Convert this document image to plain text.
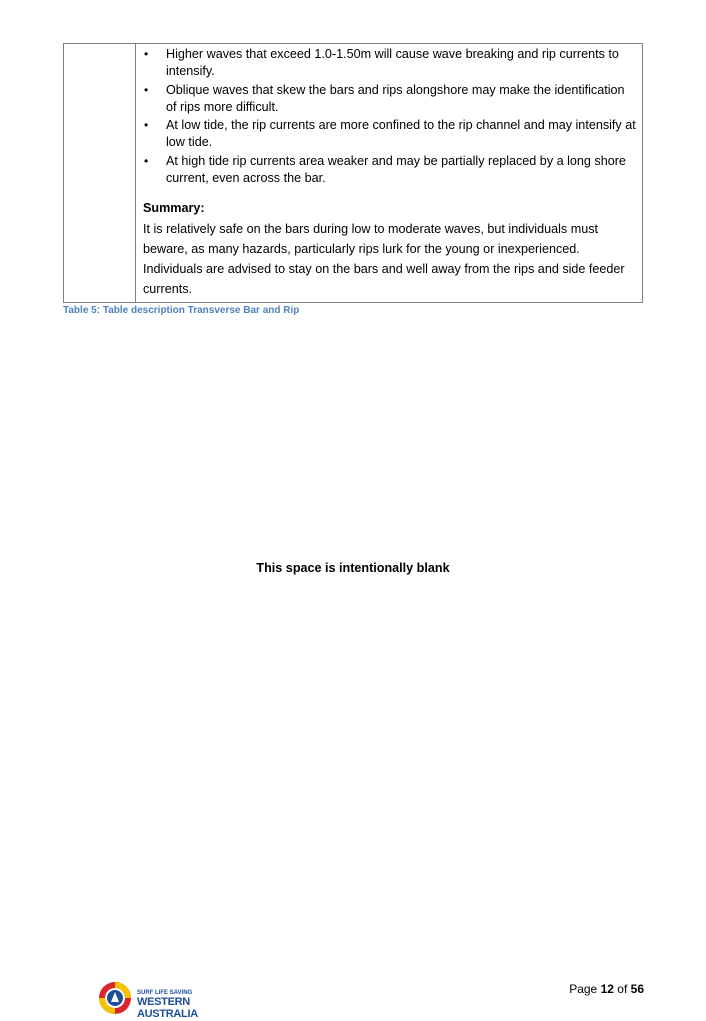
• Higher waves that exceed 1.0-1.50m will cause wave breaking and rip currents to intensify.
• Oblique waves that skew the bars and rips alongshore may make the identification of rips more difficult.
• At low tide, the rip currents are more confined to the rip channel and may intensify at low tide.
• At high tide rip currents area weaker and may be partially replaced by a long shore current, even across the bar.
Summary:
It is relatively safe on the bars during low to moderate waves, but individuals must beware, as many hazards, particularly rips lurk for the young or inexperienced. Individuals are advised to stay on the bars and well away from the rips and side feeder currents.
Table 5: Table description Transverse Bar and Rip
This space is intentionally blank
SURF LIFE SAVING
WESTERN AUSTRALIA
Page 12 of 56
